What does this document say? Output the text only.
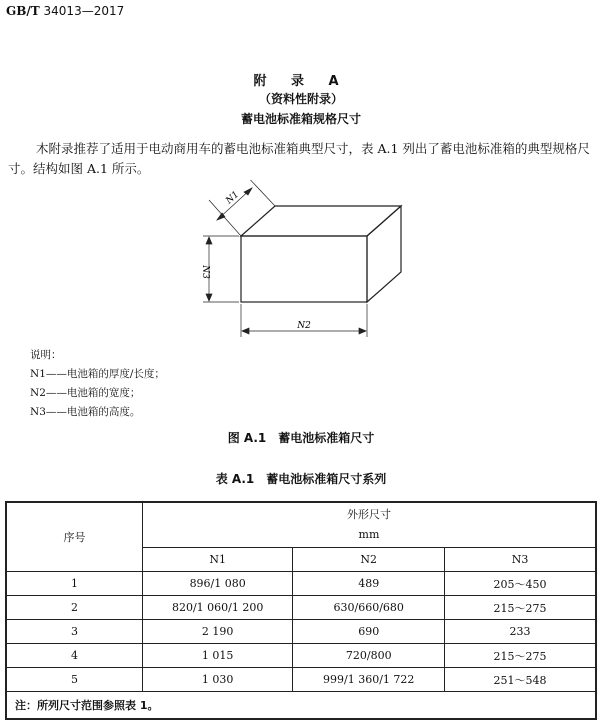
GB/T 34013—2017
附 录 A
（资料性附录）
蓄电池标准箱规格尺寸
木附录推荐了适用于电动商用车的蓄电池标准箱典型尺寸，表 A.1 列出了蓄电池标准箱的典型规格尺寸。结构如图 A.1 所示。
N1
N3
N2
说明：
N1——电池箱的厚度/长度；
N2——电池箱的宽度；
N3——电池箱的高度。
图 A.1　蓄电池标准箱尺寸
表 A.1　蓄电池标准箱尺寸系列
序号	外形尺寸
mm		

	N1	N2	N3
1	896/1 080	489	205～450
2	820/1 060/1 200	630/660/680	215～275
3	2 190	690	233
4	1 015	720/800	215～275
5	1 030	999/1 360/1 722	251～548
注：所列尺寸范围参照表 1。			
